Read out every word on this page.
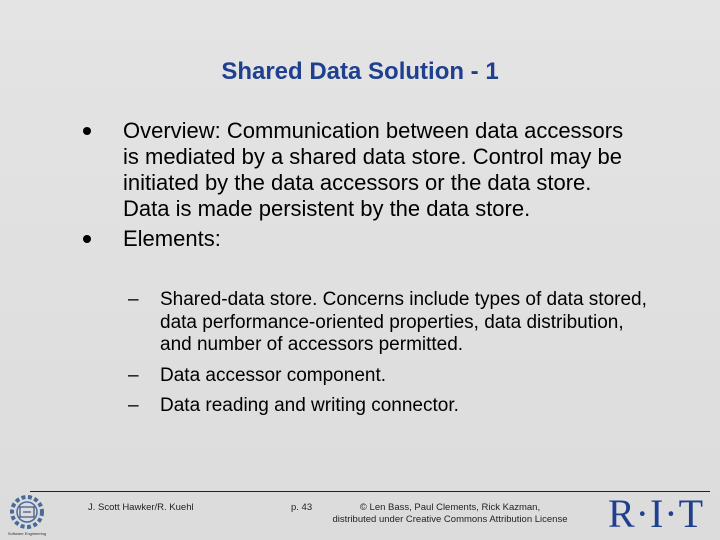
Shared Data Solution - 1
Overview: Communication between data accessors is mediated by a shared data store. Control may be initiated by the data accessors or the data store. Data is made persistent by the data store.
Elements:
– Shared-data store. Concerns include types of data stored, data performance-oriented properties, data distribution, and number of accessors permitted.
– Data accessor component.
– Data reading and writing connector.
Software Engineering
J. Scott Hawker/R. Kuehl	p. 43	© Len Bass, Paul Clements, Rick Kazman,
distributed under Creative Commons Attribution License R·I·T
